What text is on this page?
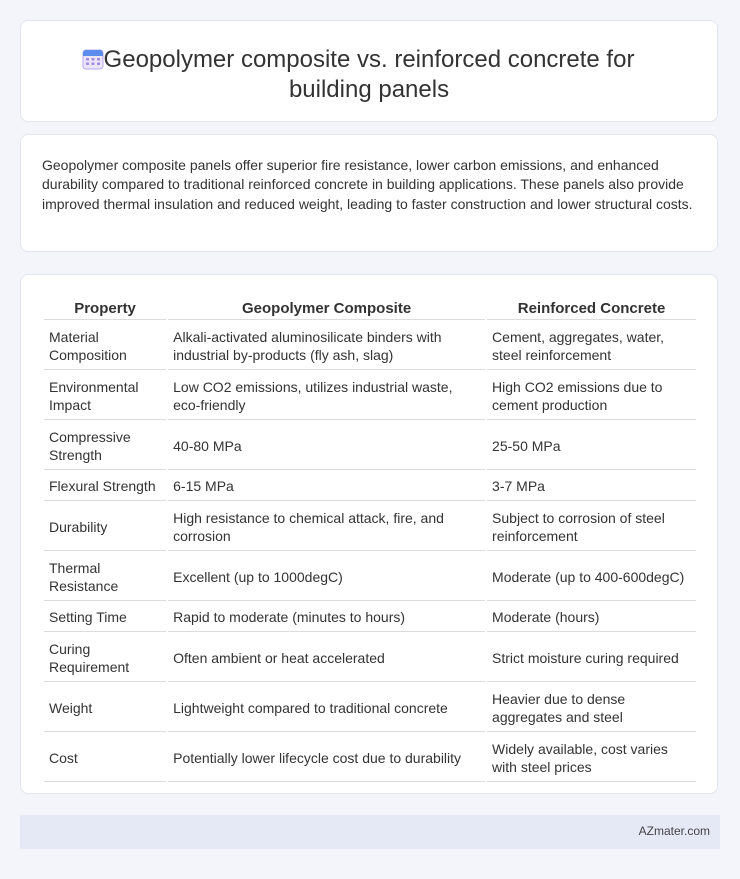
Geopolymer composite vs. reinforced concrete for
building panels
Geopolymer composite panels offer superior fire resistance, lower carbon emissions, and enhanced durability compared to traditional reinforced concrete in building applications. These panels also provide improved thermal insulation and reduced weight, leading to faster construction and lower structural costs.
Property	Geopolymer Composite	Reinforced Concrete
Material Composition	Alkali-activated aluminosilicate binders with industrial by-products (fly ash, slag)	Cement, aggregates, water, steel reinforcement
Environmental Impact	Low CO2 emissions, utilizes industrial waste, eco-friendly	High CO2 emissions due to cement production
Compressive Strength	40-80 MPa	25-50 MPa
Flexural Strength	6-15 MPa	3-7 MPa
Durability	High resistance to chemical attack, fire, and corrosion	Subject to corrosion of steel reinforcement
Thermal Resistance	Excellent (up to 1000degC)	Moderate (up to 400-600degC)
Setting Time	Rapid to moderate (minutes to hours)	Moderate (hours)
Curing Requirement	Often ambient or heat accelerated	Strict moisture curing required
Weight	Lightweight compared to traditional concrete	Heavier due to dense aggregates and steel
Cost	Potentially lower lifecycle cost due to durability	Widely available, cost varies with steel prices
AZmater.com
